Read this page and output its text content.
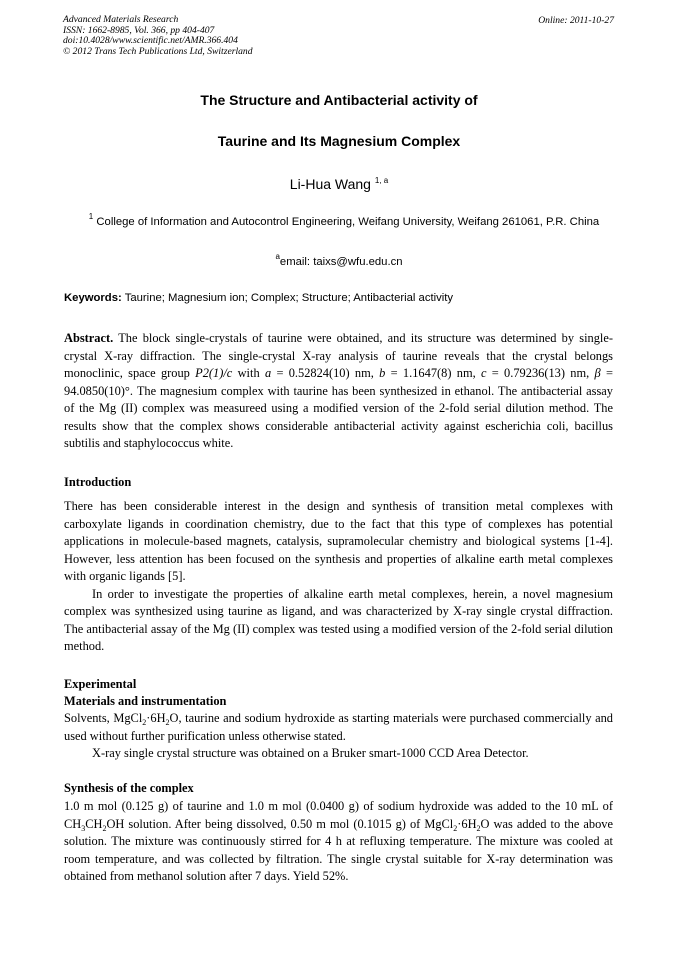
Advanced Materials Research
ISSN: 1662-8985, Vol. 366, pp 404-407
doi:10.4028/www.scientific.net/AMR.366.404
© 2012 Trans Tech Publications Ltd, Switzerland
Online: 2011-10-27
The Structure and Antibacterial activity of
Taurine and Its Magnesium Complex
Li-Hua Wang $^{1, a}$
$^1$ College of Information and Autocontrol Engineering, Weifang University, Weifang 261061, P.R. China
$^a$email: taixs@wfu.edu.cn
Keywords: Taurine; Magnesium ion; Complex; Structure; Antibacterial activity

Abstract. The block single-crystals of taurine were obtained, and its structure was determined by single-crystal X-ray diffraction. The single-crystal X-ray analysis of taurine reveals that the crystal belongs monoclinic, space group P2(1)/c with a = 0.52824(10) nm, b = 1.1647(8) nm, c = 0.79236(13) nm, β = 94.0850(10)°. The magnesium complex with taurine has been synthesized in ethanol. The antibacterial assay of the Mg (II) complex was measureed using a modified version of the 2-fold serial dilution method. The results show that the complex shows considerable antibacterial activity against escherichia coli, bacillus subtilis and staphylococcus white.

Introduction

There has been considerable interest in the design and synthesis of transition metal complexes with carboxylate ligands in coordination chemistry, due to the fact that this type of complexes has potential applications in molecule-based magnets, catalysis, supramolecular chemistry and biological systems [1-4]. However, less attention has been focused on the synthesis and properties of alkaline earth metal complexes with organic ligands [5].

In order to investigate the properties of alkaline earth metal complexes, herein, a novel magnesium complex was synthesized using taurine as ligand, and was characterized by X-ray single crystal diffraction. The antibacterial assay of the Mg (II) complex was tested using a modified version of the 2-fold serial dilution method.

Experimental
Materials and instrumentation

Solvents, $MgCl_2\cdot 6H_2O$, taurine and sodium hydroxide as starting materials were purchased commercially and used without further purification unless otherwise stated.

X-ray single crystal structure was obtained on a Bruker smart-1000 CCD Area Detector.

Synthesis of the complex

1.0 m mol (0.125 g) of taurine and 1.0 m mol (0.0400 g) of sodium hydroxide was added to the 10 mL of $CH_3CH_2OH$ solution. After being dissolved, 0.50 m mol (0.1015 g) of $MgCl_2\cdot 6H_2O$ was added to the above solution. The mixture was continuously stirred for 4 h at refluxing temperature. The mixture was cooled at room temperature, and was collected by filtration. The single crystal suitable for X-ray determination was obtained from methanol solution after 7 days. Yield 52%.
